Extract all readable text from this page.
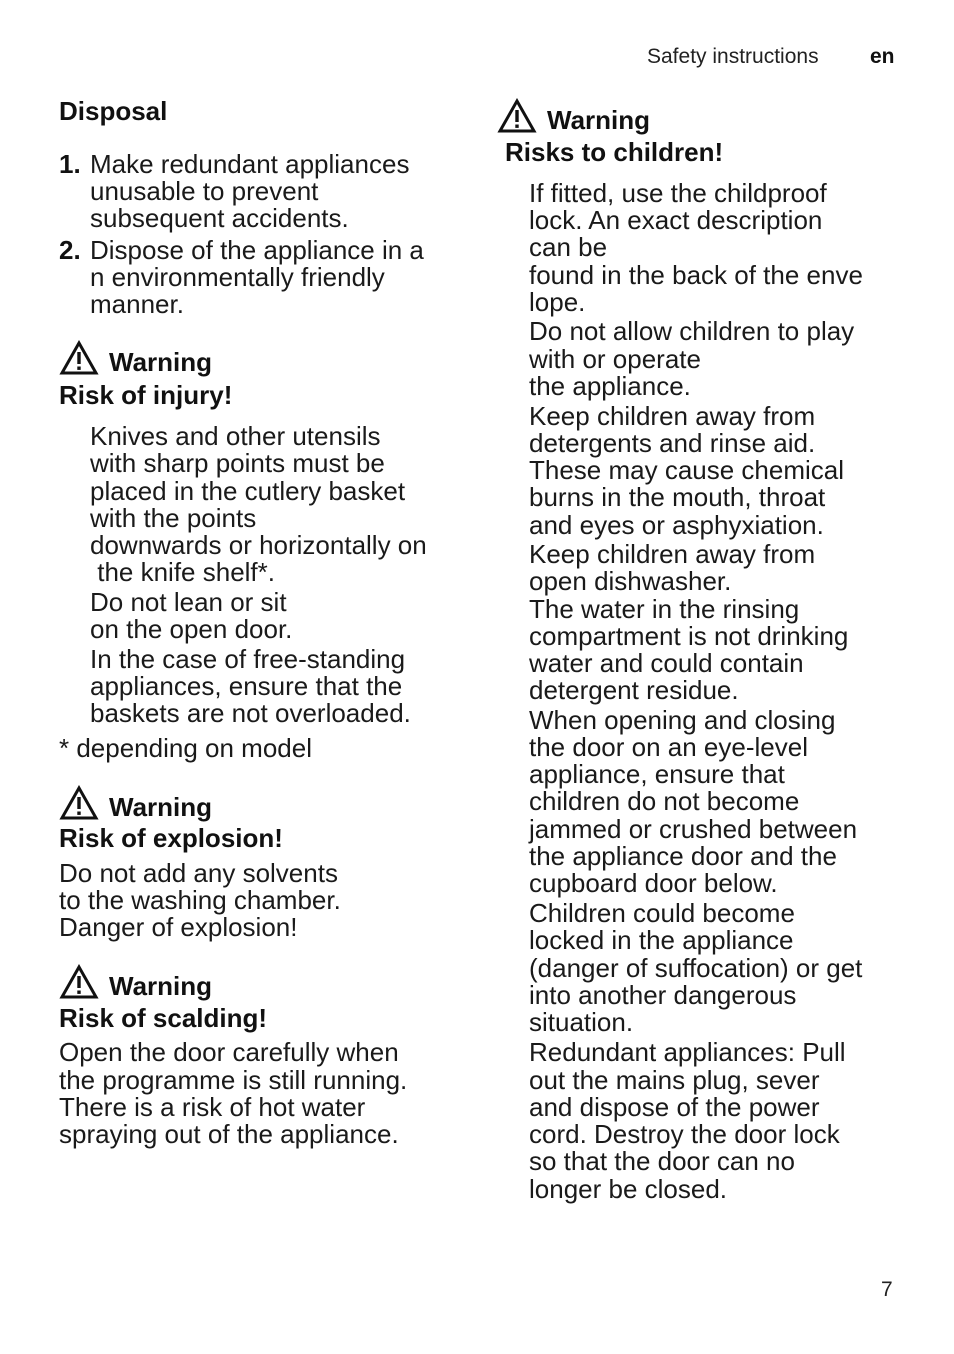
Safety instructions en
7
Disposal
1. Make redundant appliances
unusable to prevent
subsequent accidents.
2. Dispose of the appliance in a
n environmentally friendly
manner.
Warning
Risk of injury!
Knives and other utensils
with sharp points must be
placed in the cutlery basket
with the points
downwards or horizontally on
the knife shelf*.
Do not lean or sit
on the open door.
In the case of free-standing
appliances, ensure that the
baskets are not overloaded.
* depending on model
Warning
Risk of explosion!
Do not add any solvents
to the washing chamber.
Danger of explosion!
Warning
Risk of scalding!
Open the door carefully when
the programme is still running.
There is a risk of hot water
spraying out of the appliance.
Warning
Risks to children!
If fitted, use the childproof
lock. An exact description
can be
found in the back of the enve
lope.
Do not allow children to play
with or operate
the appliance.
Keep children away from
detergents and rinse aid.
These may cause chemical
burns in the mouth, throat
and eyes or asphyxiation.
Keep children away from
open dishwasher.
The water in the rinsing
compartment is not drinking
water and could contain
detergent residue.
When opening and closing
the door on an eye-level
appliance, ensure that
children do not become
jammed or crushed between
the appliance door and the
cupboard door below.
Children could become
locked in the appliance
(danger of suffocation) or get
into another dangerous
situation.
Redundant appliances: Pull
out the mains plug, sever
and dispose of the power
cord. Destroy the door lock
so that the door can no
longer be closed.
